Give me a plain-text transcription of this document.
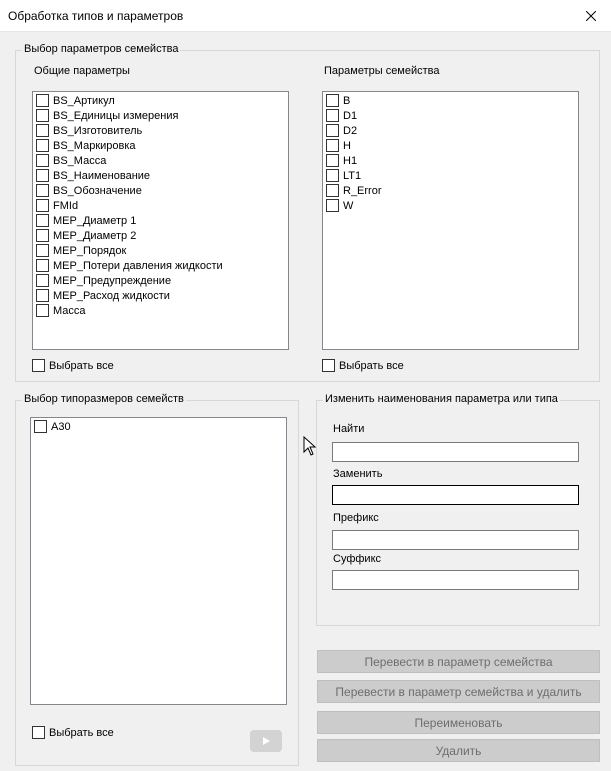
Обработка типов и параметров
Выбор параметров семейства
Общие параметры
BS_Артикул
BS_Единицы измерения
BS_Изготовитель
BS_Маркировка
BS_Масса
BS_Наименование
BS_Обозначение
FMId
MEP_Диаметр 1
MEP_Диаметр 2
MEP_Порядок
MEP_Потери давления жидкости
MEP_Предупреждение
MEP_Расход жидкости
Масса
Выбрать все
Параметры семейства
B
D1
D2
H
H1
LT1
R_Error
W
Выбрать все
Выбор типоразмеров семейств
A30
Выбрать все
Изменить наименования параметра или типа
Найти
Заменить
Префикс
Суффикс
Перевести в параметр семейства
Перевести в параметр семейства и удалить
Переименовать
Удалить
